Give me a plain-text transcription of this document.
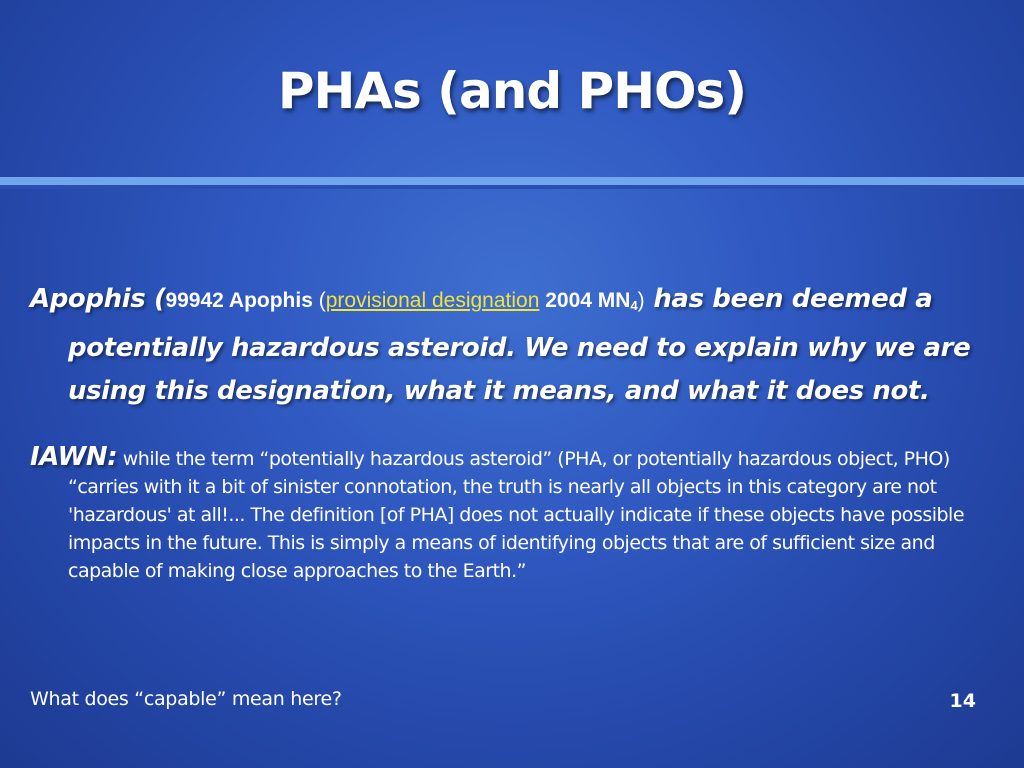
PHAs (and PHOs)

Apophis (99942 Apophis (provisional designation 2004 $MN_4$) has been deemed a potentially hazardous asteroid. We need to explain why we are using this designation, what it means, and what it does not.

IAWN: while the term “potentially hazardous asteroid” (PHA, or potentially hazardous object, PHO) “carries with it a bit of sinister connotation, the truth is nearly all objects in this category are not 'hazardous' at all!... The definition [of PHA] does not actually indicate if these objects have possible impacts in the future. This is simply a means of identifying objects that are of sufficient size and capable of making close approaches to the Earth.”

What does “capable” mean here?	14
